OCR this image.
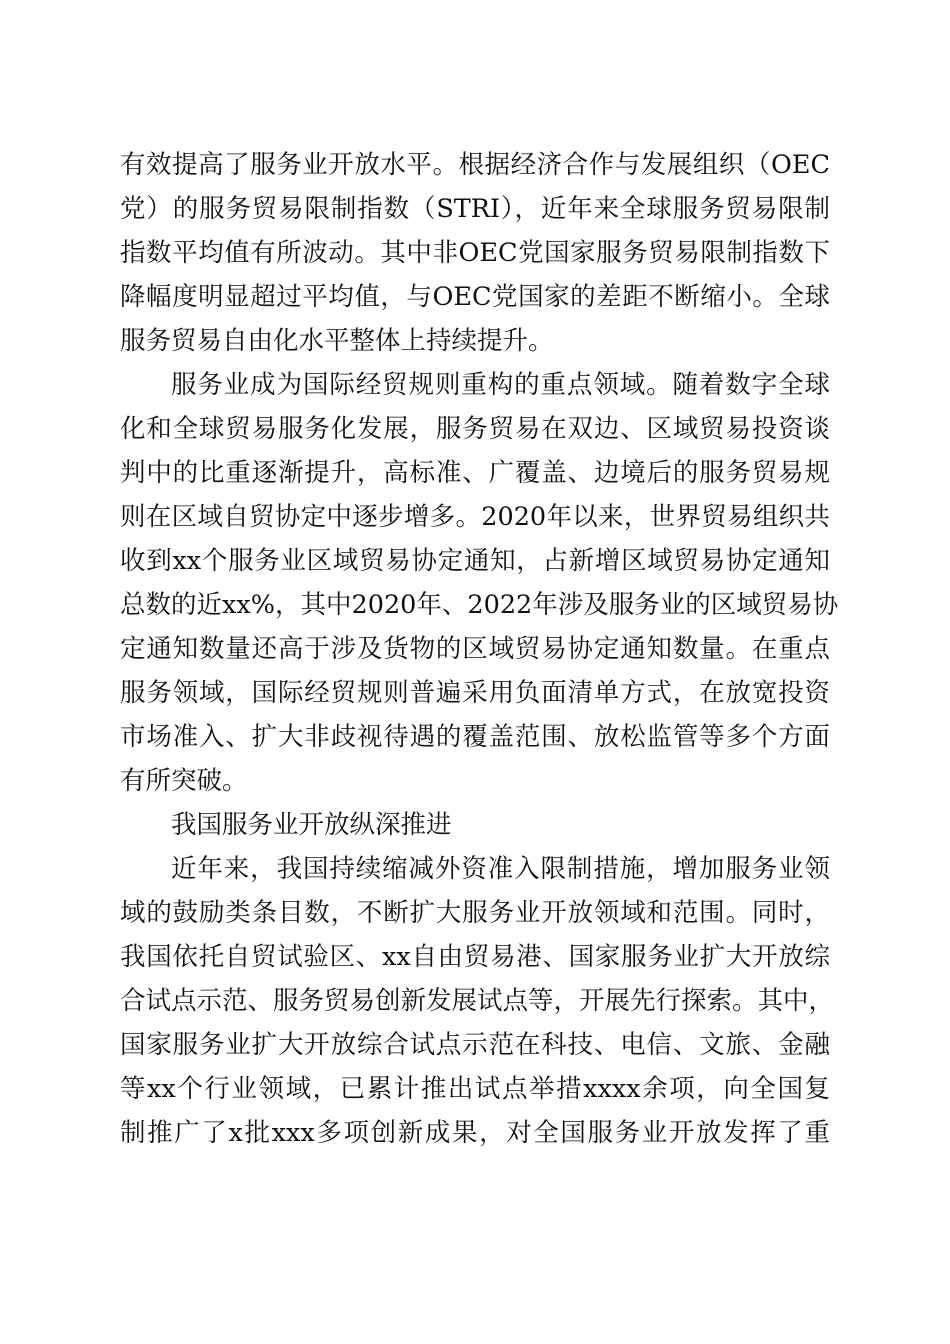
有效提高了服务业开放水平。根据经济合作与发展组织（OEC
党）的服务贸易限制指数（STRI），近年来全球服务贸易限制
指数平均值有所波动。其中非OEC党国家服务贸易限制指数下
降幅度明显超过平均值，与OEC党国家的差距不断缩小。全球
服务贸易自由化水平整体上持续提升。
服务业成为国际经贸规则重构的重点领域。随着数字全球
化和全球贸易服务化发展，服务贸易在双边、区域贸易投资谈
判中的比重逐渐提升，高标准、广覆盖、边境后的服务贸易规
则在区域自贸协定中逐步增多。2020年以来，世界贸易组织共
收到xx个服务业区域贸易协定通知，占新增区域贸易协定通知
总数的近xx%，其中2020年、2022年涉及服务业的区域贸易协
定通知数量还高于涉及货物的区域贸易协定通知数量。在重点
服务领域，国际经贸规则普遍采用负面清单方式，在放宽投资
市场准入、扩大非歧视待遇的覆盖范围、放松监管等多个方面
有所突破。
我国服务业开放纵深推进
近年来，我国持续缩减外资准入限制措施，增加服务业领
域的鼓励类条目数，不断扩大服务业开放领域和范围。同时，
我国依托自贸试验区、xx自由贸易港、国家服务业扩大开放综
合试点示范、服务贸易创新发展试点等，开展先行探索。其中，
国家服务业扩大开放综合试点示范在科技、电信、文旅、金融
等xx个行业领域，已累计推出试点举措xxxx余项，向全国复
制推广了x批xxx多项创新成果，对全国服务业开放发挥了重
